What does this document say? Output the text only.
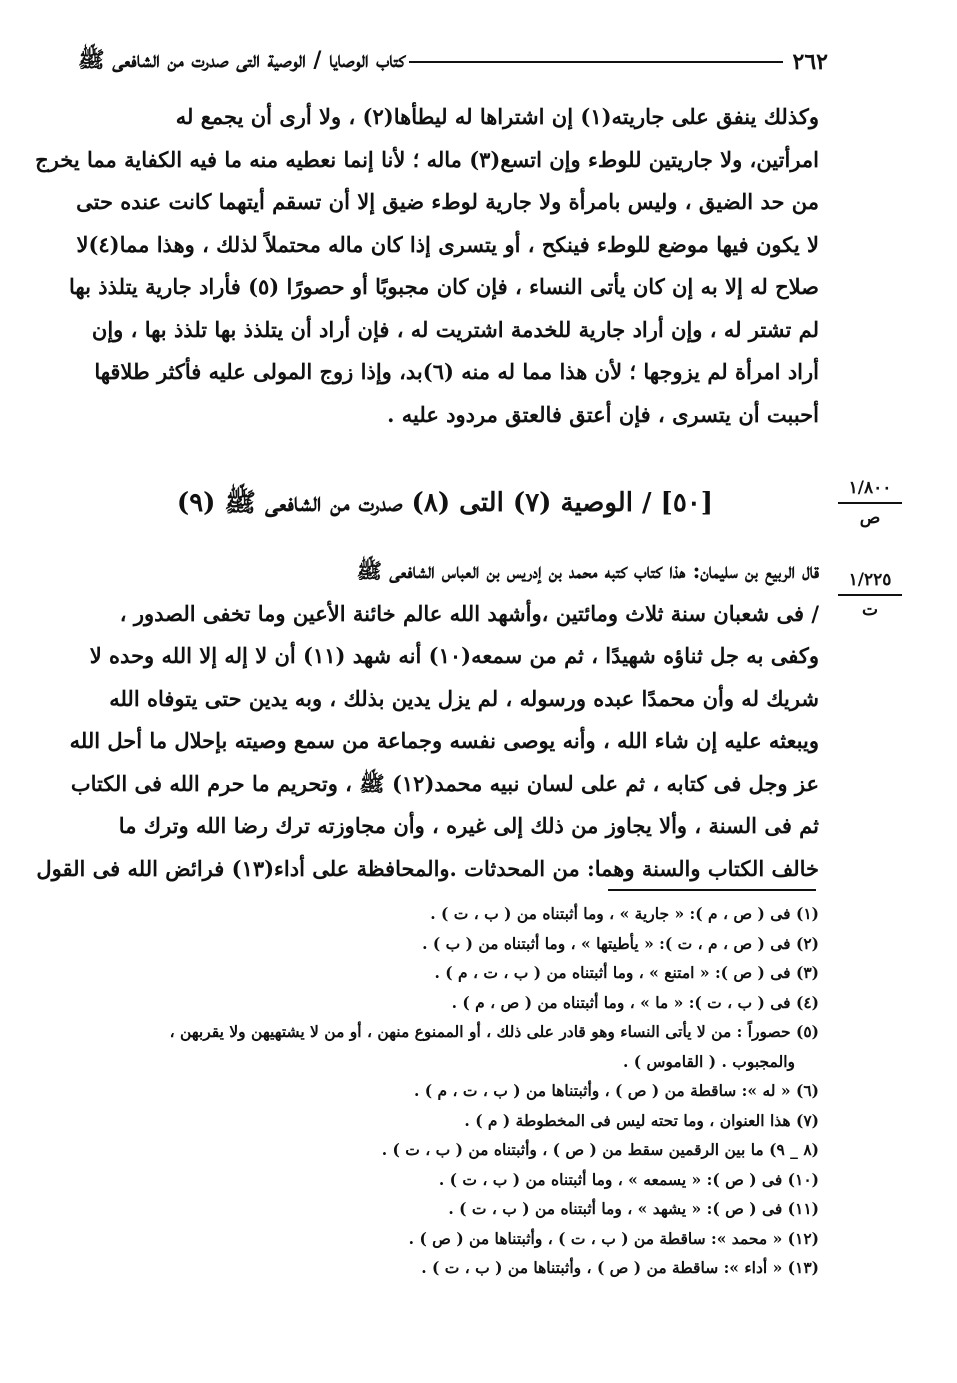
٢٦٢
كتاب الوصايا / الوصية التى صدرت من الشافعى ﷺ
وكذلك ينفق على جاريته(١) إن اشتراها له ليطأها(٢) ، ولا أرى أن يجمع له
امرأتين، ولا جاريتين للوطء وإن اتسع(٣) ماله ؛ لأنا إنما نعطيه منه ما فيه الكفاية مما يخرج
من حد الضيق ، وليس بامرأة ولا جارية لوطء ضيق إلا أن تسقم أيتهما كانت عنده حتى
لا يكون فيها موضع للوطء فينكح ، أو يتسرى إذا كان ماله محتملاً لذلك ، وهذا مما(٤)لا
صلاح له إلا به إن كان يأتى النساء ، فإن كان مجبوبًا أو حصورًا (٥) فأراد جارية يتلذذ بها
لم تشتر له ، وإن أراد جارية للخدمة اشتريت له ، فإن أراد أن يتلذذ بها تلذذ بها ، وإن
أراد امرأة لم يزوجها ؛ لأن هذا مما له منه (٦)بد، وإذا زوج المولى عليه فأكثر طلاقها
أحببت أن يتسرى ، فإن أعتق فالعتق مردود عليه .
[٥٠] / الوصية (٧) التى (٨) صدرت من الشافعى ﷺ (٩)	١/٨٠٠
ص
١/٢٢٥
ت
قال الربيع بن سليمان: هذا كتاب كتبه محمد بن إدريس بن العباس الشافعى ﷺ
/ فى شعبان سنة ثلاث ومائتين ،وأشهد الله عالم خائنة الأعين وما تخفى الصدور ،
وكفى به جل ثناؤه شهيدًا ، ثم من سمعه(١٠) أنه شهد (١١) أن لا إله إلا الله وحده لا
شريك له وأن محمدًا عبده ورسوله ، لم يزل يدين بذلك ، وبه يدين حتى يتوفاه الله
ويبعثه عليه إن شاء الله ، وأنه يوصى نفسه وجماعة من سمع وصيته بإحلال ما أحل الله
عز وجل فى كتابه ، ثم على لسان نبيه محمد(١٢) ﷺ ، وتحريم ما حرم الله فى الكتاب
ثم فى السنة ، وألا يجاوز من ذلك إلى غيره ، وأن مجاوزته ترك رضا الله وترك ما
خالف الكتاب والسنة وهما: من المحدثات .والمحافظة على أداء(١٣) فرائض الله فى القول
(١) فى ( ص ، م ): « جارية » ، وما أثبتناه من ( ب ، ت ) .
(٢) فى ( ص ، م ، ت ): « يأطيتها » ، وما أثبتناه من ( ب ) .
(٣) فى ( ص ): « امتنع » ، وما أثبتناه من ( ب ، ت ، م ) .
(٤) فى ( ب ، ت ): « ما » ، وما أثبتناه من ( ص ، م ) .
(٥) حصوراً : من لا يأتى النساء وهو قادر على ذلك ، أو الممنوع منهن ، أو من لا يشتهيهن ولا يقربهن ،
والمجبوب . ( القاموس ) .
(٦) « له »: ساقطة من ( ص ) ، وأثبتناها من ( ب ، ت ، م ) .
(٧) هذا العنوان ، وما تحته ليس فى المخطوطة ( م ) .
(٨ _ ٩) ما بين الرقمين سقط من ( ص ) ، وأثبتناه من ( ب ، ت ) .
(١٠) فى ( ص ): « يسمعه » ، وما أثبتناه من ( ب ، ت ) .
(١١) فى ( ص ): « يشهد » ، وما أثبتناه من ( ب ، ت ) .
(١٢) « محمد »: ساقطة من ( ب ، ت ) ، وأثبتناها من ( ص ) .
(١٣) « أداء »: ساقطة من ( ص ) ، وأثبتناها من ( ب ، ت ) .
